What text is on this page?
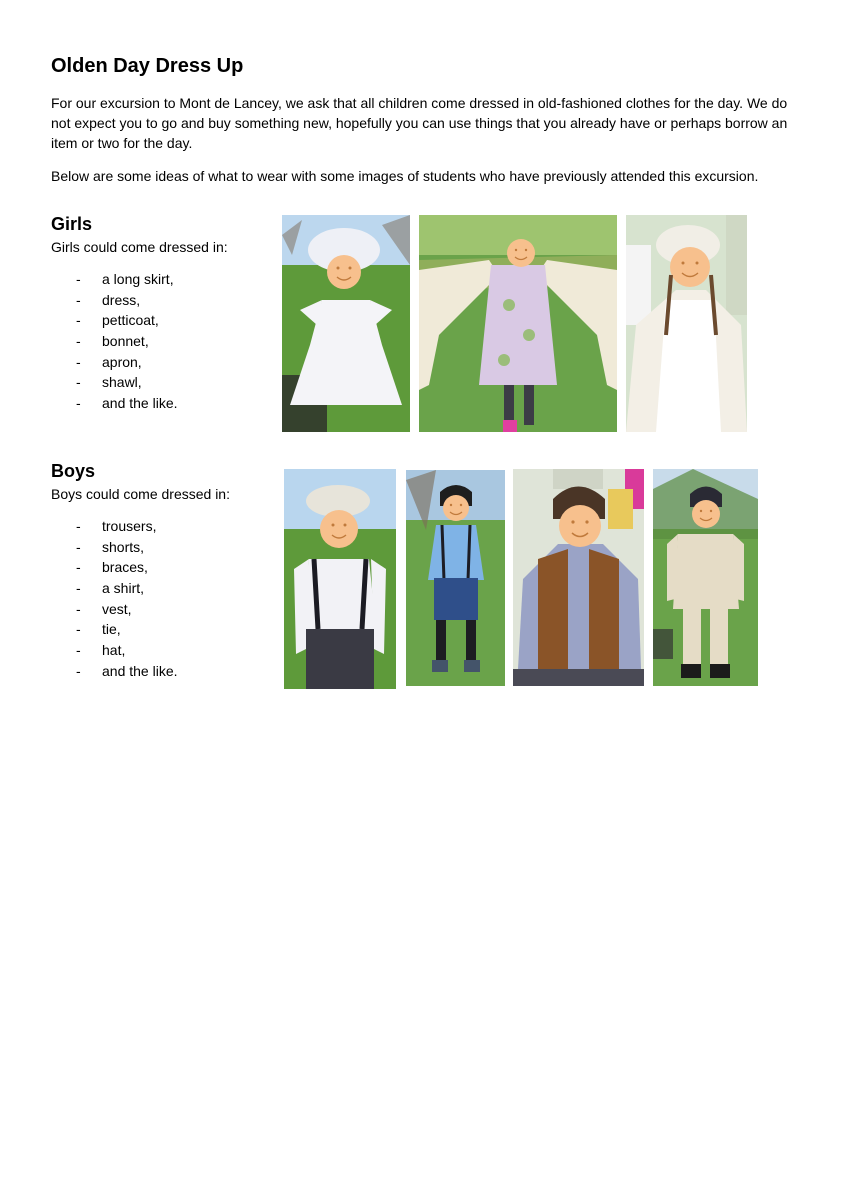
Olden Day Dress Up

For our excursion to Mont de Lancey, we ask that all children come dressed in old-fashioned clothes for the day. We do not expect you to go and buy something new, hopefully you can use things that you already have or perhaps borrow an item or two for the day.

Below are some ideas of what to wear with some images of students who have previously attended this excursion.

Girls

Girls could come dressed in:

- a long skirt,
- dress,
- petticoat,
- bonnet,
- apron,
- shawl,
- and the like.
Boys

Boys could come dressed in:

- trousers,
- shorts,
- braces,
- a shirt,
- vest,
- tie,
- hat,
- and the like.
